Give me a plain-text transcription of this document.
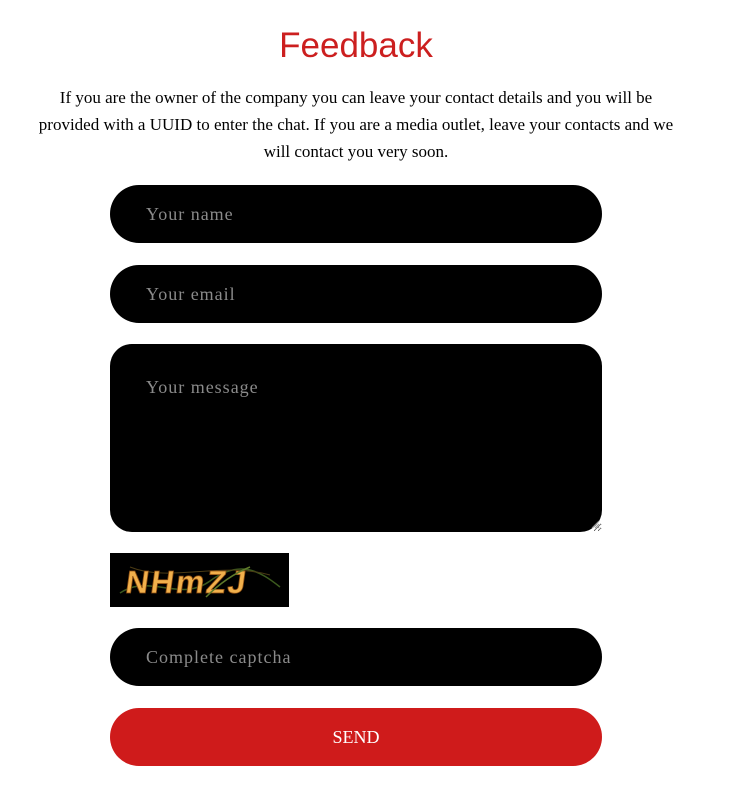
Feedback

If you are the owner of the company you can leave your contact details and you will be provided with a UUID to enter the chat. If you are a media outlet, leave your contacts and we will contact you very soon.

Your name
Your email
Your message
NHmZJ
Complete captcha
SEND
